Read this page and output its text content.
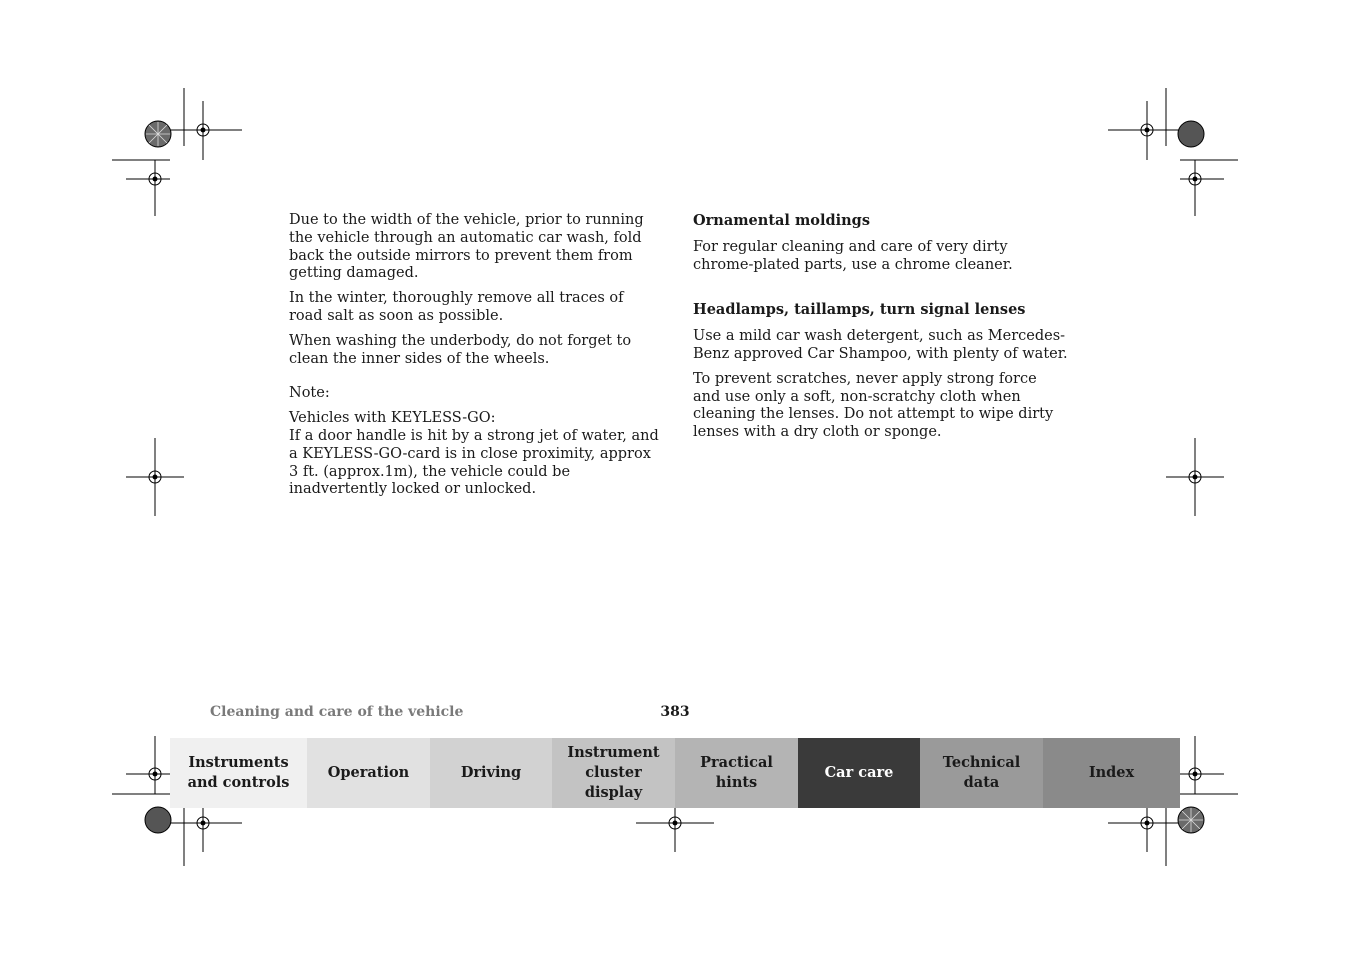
Due to the width of the vehicle, prior to running the vehicle through an automatic car wash, fold back the outside mirrors to prevent them from getting damaged.

In the winter, thoroughly remove all traces of road salt as soon as possible.

When washing the underbody, do not forget to clean the inner sides of the wheels.

Note:

Vehicles with KEYLESS-GO:

If a door handle is hit by a strong jet of water, and a KEYLESS-GO-card is in close proximity, approx 3 ft. (approx.1m), the vehicle could be inadvertently locked or unlocked.

Ornamental moldings

For regular cleaning and care of very dirty chrome-plated parts, use a chrome cleaner.

Headlamps, taillamps, turn signal lenses

Use a mild car wash detergent, such as Mercedes-Benz approved Car Shampoo, with plenty of water.

To prevent scratches, never apply strong force and use only a soft, non-scratchy cloth when cleaning the lenses. Do not attempt to wipe dirty lenses with a dry cloth or sponge.

Cleaning and care of the vehicle	383
Instruments
and controls
Operation	Driving
Instrument
cluster display
Practical hints
Car care
Technical
data
Index
